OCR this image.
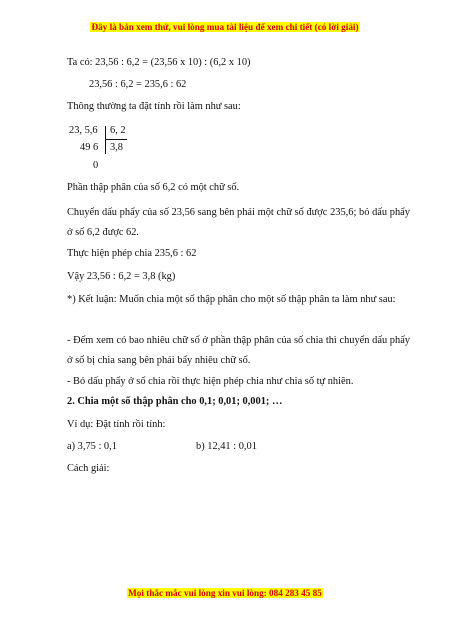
Đây là bản xem thử, vui lòng mua tài liệu để xem chi tiết (có lời giải)
Ta có: 23,56 : 6,2 = (23,56 x 10) : (6,2 x 10)
23,56 : 6,2 = 235,6 : 62
Thông thường ta đặt tính rồi làm như sau:
23, 5,6 6, 2
49 6 3,8
0
Phần thập phân của số 6,2 có một chữ số.
Chuyển dấu phẩy của số 23,56 sang bên phải một chữ số được 235,6; bỏ dấu phẩy ở số 6,2 được 62.
Thực hiện phép chia 235,6 : 62
Vậy 23,56 : 6,2 = 3,8 (kg)
*) Kết luận: Muốn chia một số thập phân cho một số thập phân ta làm như sau:
- Đếm xem có bao nhiêu chữ số ở phần thập phân của số chia thì chuyển dấu phẩy ở số bị chia sang bên phải bấy nhiêu chữ số.
- Bỏ dấu phẩy ở số chia rồi thực hiện phép chia như chia số tự nhiên.
2. Chia một số thập phân cho 0,1; 0,01; 0,001; …
Ví dụ: Đặt tính rồi tính:
a) 3,75 : 0,1	b) 12,41 : 0,01
Cách giải:
Mọi thắc mắc vui lòng xin vui lòng: 084 283 45 85
